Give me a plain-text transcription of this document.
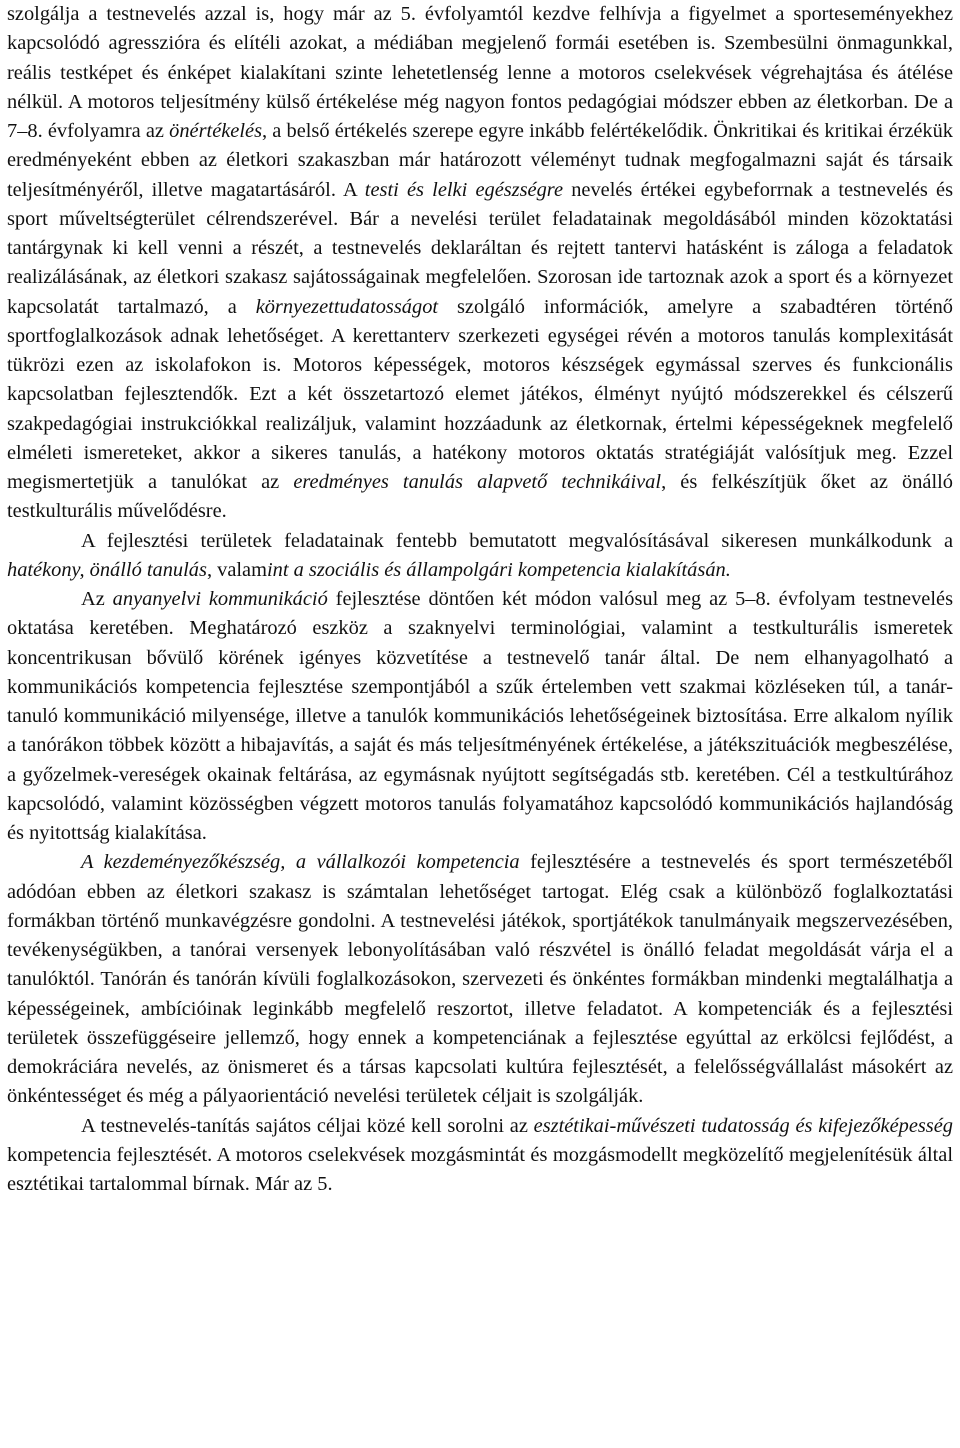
szolgálja a testnevelés azzal is, hogy már az 5. évfolyamtól kezdve felhívja a figyelmet a sporteseményekhez kapcsolódó agresszióra és elítéli azokat, a médiában megjelenő formái esetében is. Szembesülni önmagunkkal, reális testképet és énképet kialakítani szinte lehetetlenség lenne a motoros cselekvések végrehajtása és átélése nélkül. A motoros teljesítmény külső értékelése még nagyon fontos pedagógiai módszer ebben az életkorban. De a 7–8. évfolyamra az önértékelés, a belső értékelés szerepe egyre inkább felértékelődik. Önkritikai és kritikai érzékük eredményeként ebben az életkori szakaszban már határozott véleményt tudnak megfogalmazni saját és társaik teljesítményéről, illetve magatartásáról. A testi és lelki egészségre nevelés értékei egybeforrnak a testnevelés és sport műveltségterület célrendszerével. Bár a nevelési terület feladatainak megoldásából minden közoktatási tantárgynak ki kell venni a részét, a testnevelés deklaráltan és rejtett tantervi hatásként is záloga a feladatok realizálásának, az életkori szakasz sajátosságainak megfelelően. Szorosan ide tartoznak azok a sport és a környezet kapcsolatát tartalmazó, a környezettudatosságot szolgáló információk, amelyre a szabadtéren történő sportfoglalkozások adnak lehetőséget. A kerettanterv szerkezeti egységei révén a motoros tanulás komplexitását tükrözi ezen az iskolafokon is. Motoros képességek, motoros készségek egymással szerves és funkcionális kapcsolatban fejlesztendők. Ezt a két összetartozó elemet játékos, élményt nyújtó módszerekkel és célszerű szakpedagógiai instrukciókkal realizáljuk, valamint hozzáadunk az életkornak, értelmi képességeknek megfelelő elméleti ismereteket, akkor a sikeres tanulás, a hatékony motoros oktatás stratégiáját valósítjuk meg. Ezzel megismertetjük a tanulókat az eredményes tanulás alapvető technikáival, és felkészítjük őket az önálló testkulturális művelődésre.

A fejlesztési területek feladatainak fentebb bemutatott megvalósításával sikeresen munkálkodunk a hatékony, önálló tanulás, valamint a szociális és állampolgári kompetencia kialakításán.

Az anyanyelvi kommunikáció fejlesztése döntően két módon valósul meg az 5–8. évfolyam testnevelés oktatása keretében. Meghatározó eszköz a szaknyelvi terminológiai, valamint a testkulturális ismeretek koncentrikusan bővülő körének igényes közvetítése a testnevelő tanár által. De nem elhanyagolható a kommunikációs kompetencia fejlesztése szempontjából a szűk értelemben vett szakmai közléseken túl, a tanár-tanuló kommunikáció milyensége, illetve a tanulók kommunikációs lehetőségeinek biztosítása. Erre alkalom nyílik a tanórákon többek között a hibajavítás, a saját és más teljesítményének értékelése, a játékszituációk megbeszélése, a győzelmek-vereségek okainak feltárása, az egymásnak nyújtott segítségadás stb. keretében. Cél a testkultúrához kapcsolódó, valamint közösségben végzett motoros tanulás folyamatához kapcsolódó kommunikációs hajlandóság és nyitottság kialakítása.

A kezdeményezőkészség, a vállalkozói kompetencia fejlesztésére a testnevelés és sport természetéből adódóan ebben az életkori szakasz is számtalan lehetőséget tartogat. Elég csak a különböző foglalkoztatási formákban történő munkavégzésre gondolni. A testnevelési játékok, sportjátékok tanulmányaik megszervezésében, tevékenységükben, a tanórai versenyek lebonyolításában való részvétel is önálló feladat megoldását várja el a tanulóktól. Tanórán és tanórán kívüli foglalkozásokon, szervezeti és önkéntes formákban mindenki megtalálhatja a képességeinek, ambícióinak leginkább megfelelő reszortot, illetve feladatot. A kompetenciák és a fejlesztési területek összefüggéseire jellemző, hogy ennek a kompetenciának a fejlesztése egyúttal az erkölcsi fejlődést, a demokráciára nevelés, az önismeret és a társas kapcsolati kultúra fejlesztését, a felelősségvállalást másokért az önkéntességet és még a pályaorientáció nevelési területek céljait is szolgálják.

A testnevelés-tanítás sajátos céljai közé kell sorolni az esztétikai-művészeti tudatosság és kifejezőképesség kompetencia fejlesztését. A motoros cselekvések mozgásmintát és mozgásmodellt megközelítő megjelenítésük által esztétikai tartalommal bírnak. Már az 5.
